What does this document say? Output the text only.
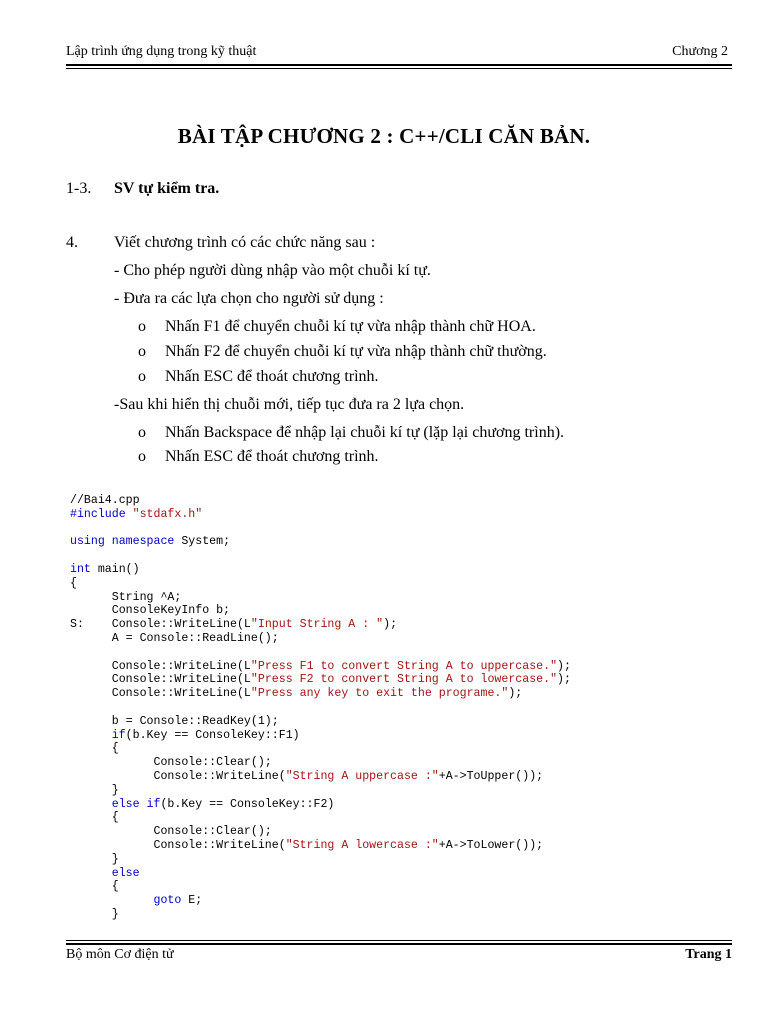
Lập trình ứng dụng trong kỹ thuật	Chương 2
BÀI TẬP CHƯƠNG 2 : C++/CLI CĂN BẢN.
1-3. SV tự kiểm tra.
4. Viết chương trình có các chức năng sau :
- Cho phép người dùng nhập vào một chuỗi kí tự.
- Đưa ra các lựa chọn cho người sử dụng :
o Nhấn F1 để chuyển chuỗi kí tự vừa nhập thành chữ HOA.
o Nhấn F2 để chuyển chuỗi kí tự vừa nhập thành chữ thường.
o Nhấn ESC để thoát chương trình.
-Sau khi hiển thị chuỗi mới, tiếp tục đưa ra 2 lựa chọn.
o Nhấn Backspace để nhập lại chuỗi kí tự (lặp lại chương trình).
o Nhấn ESC để thoát chương trình.
//Bai4.cpp
#include "stdafx.h"

using namespace System;

int main()
{
String ^A;
ConsoleKeyInfo b;
S:    Console::WriteLine(L"Input String A : ");
A = Console::ReadLine();

Console::WriteLine(L"Press F1 to convert String A to uppercase.");
Console::WriteLine(L"Press F2 to convert String A to lowercase.");
Console::WriteLine(L"Press any key to exit the programe.");

b = Console::ReadKey(1);
if(b.Key == ConsoleKey::F1)
{
Console::Clear();
Console::WriteLine("String A uppercase :"+A->ToUpper());
}
else if(b.Key == ConsoleKey::F2)
{
Console::Clear();
Console::WriteLine("String A lowercase :"+A->ToLower());
}
else
{
goto E;
}
Bộ môn Cơ điện tử	Trang 1
